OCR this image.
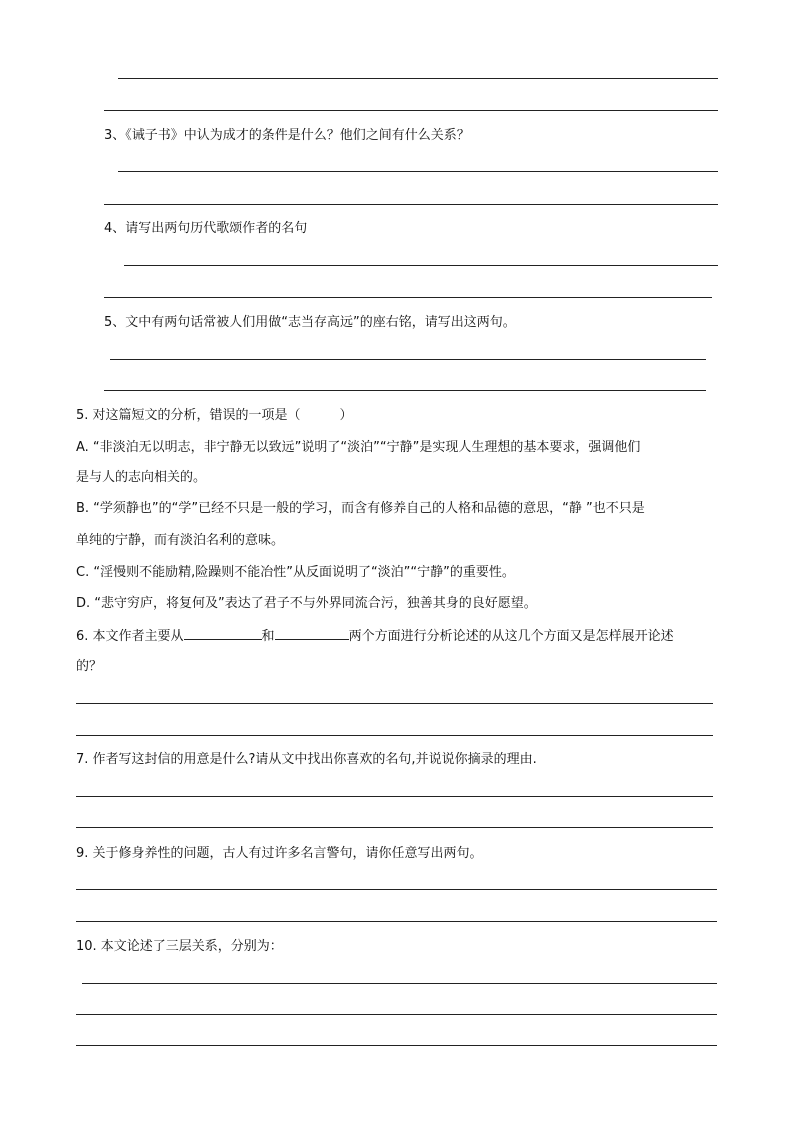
3、《诫子书》中认为成才的条件是什么？他们之间有什么关系？
4、请写出两句历代歌颂作者的名句
5、文中有两句话常被人们用做“志当存高远”的座右铭，请写出这两句。
5. 对这篇短文的分析，错误的一项是（　　　）
A. “非淡泊无以明志，非宁静无以致远”说明了“淡泊”“宁静”是实现人生理想的基本要求，强调他们
是与人的志向相关的。
B. “学须静也”的“学”已经不只是一般的学习，而含有修养自己的人格和品德的意思，“静 ”也不只是
单纯的宁静，而有淡泊名利的意味。
C. “淫慢则不能励精,险躁则不能冶性”从反面说明了“淡泊”“宁静”的重要性。
D. “悲守穷庐，将复何及”表达了君子不与外界同流合污，独善其身的良好愿望。
6. 本文作者主要从	和	两个方面进行分析论述的从这几个方面又是怎样展开论述
的？
7. 作者写这封信的用意是什么?请从文中找出你喜欢的名句,并说说你摘录的理由.
9. 关于修身养性的问题，古人有过许多名言警句，请你任意写出两句。
10. 本文论述了三层关系，分别为：
